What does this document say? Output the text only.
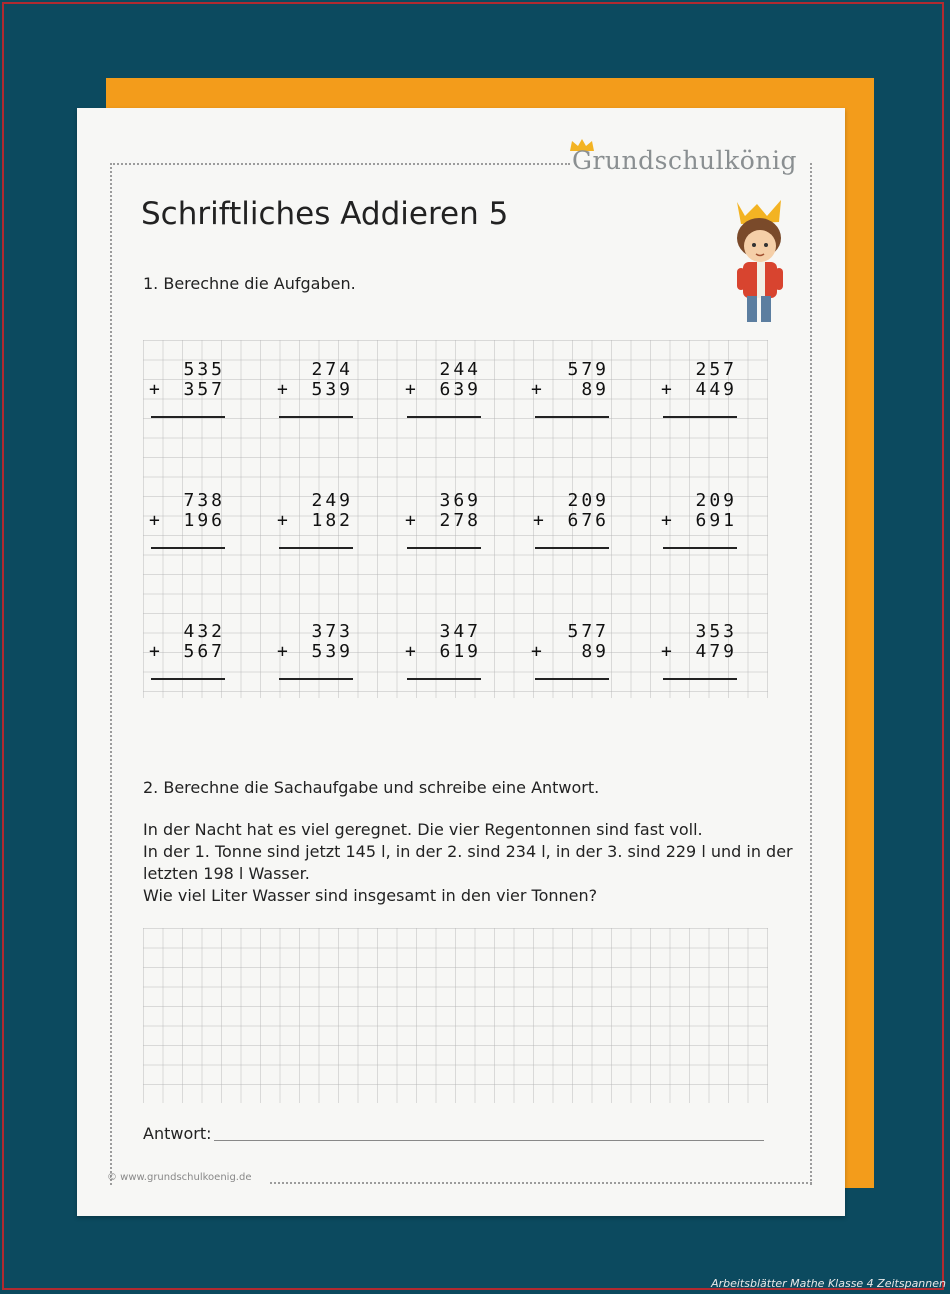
Grundschulkönig
Schriftliches Addieren 5
1. Berechne die Aufgaben.
535
+ 357
274
+ 539
244
+ 639
579
+ 89
257
+ 449
738
+ 196
249
+ 182
369
+ 278
209
+ 676
209
+ 691
432
+ 567
373
+ 539
347
+ 619
577
+ 89
353
+ 479
2. Berechne die Sachaufgabe und schreibe eine Antwort.
In der Nacht hat es viel geregnet. Die vier Regentonnen sind fast voll.
In der 1. Tonne sind jetzt 145 l, in der 2. sind 234 l, in der 3. sind 229 l und in der
letzten 198 l Wasser.
Wie viel Liter Wasser sind insgesamt in den vier Tonnen?
Antwort:
© www.grundschulkoenig.de
Arbeitsblätter Mathe Klasse 4 Zeitspannen
